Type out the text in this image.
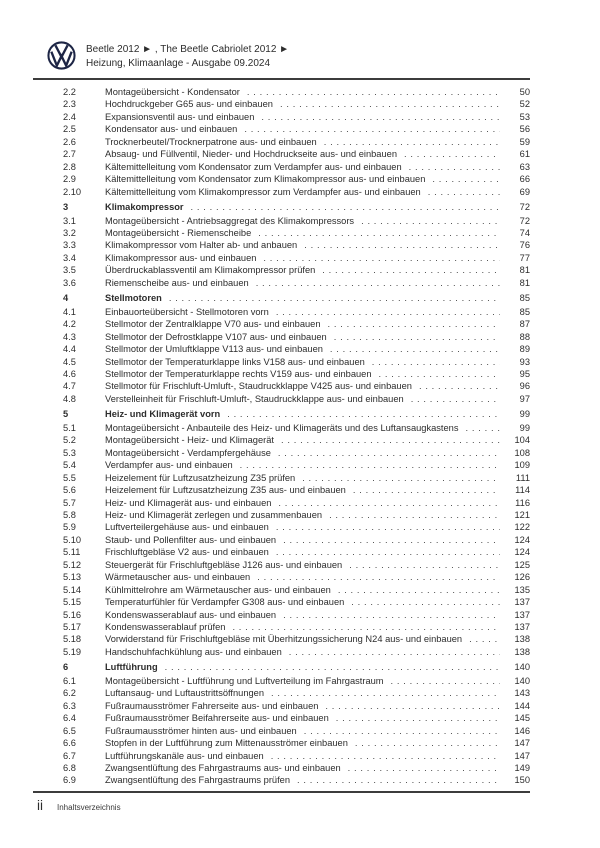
Beetle 2012 ► , The Beetle Cabriolet 2012 ►
Heizung, Klimaanlage - Ausgabe 09.2024
2.2	Montageübersicht - Kondensator . . .	50
2.3	Hochdruckgeber G65 aus- und einbauen . . .	52
2.4	Expansionsventil aus- und einbauen . . .	53
2.5	Kondensator aus- und einbauen . . .	56
2.6	Trocknerbeutel/Trocknerpatrone aus- und einbauen . . .	59
2.7	Absaug- und Füllventil, Nieder- und Hochdruckseite aus- und einbauen . . .	61
2.8	Kältemittelleitung vom Kondensator zum Verdampfer aus- und einbauen . . .	63
2.9	Kältemittelleitung vom Kondensator zum Klimakompressor aus- und einbauen . . .	66
2.10	Kältemittelleitung vom Klimakompressor zum Verdampfer aus- und einbauen . . .	69
3	Klimakompressor . . .	72
3.1	Montageübersicht - Antriebsaggregat des Klimakompressors . . .	72
3.2	Montageübersicht - Riemenscheibe . . .	74
3.3	Klimakompressor vom Halter ab- und anbauen . . .	76
3.4	Klimakompressor aus- und einbauen . . .	77
3.5	Überdruckablassventil am Klimakompressor prüfen . . .	81
3.6	Riemenscheibe aus- und einbauen . . .	81
4	Stellmotoren . . .	85
4.1	Einbauorteübersicht - Stellmotoren vorn . . .	85
4.2	Stellmotor der Zentralklappe V70 aus- und einbauen . . .	87
4.3	Stellmotor der Defrostklappe V107 aus- und einbauen . . .	88
4.4	Stellmotor der Umluftklappe V113 aus- und einbauen . . .	89
4.5	Stellmotor der Temperaturklappe links V158 aus- und einbauen . . .	93
4.6	Stellmotor der Temperaturklappe rechts V159 aus- und einbauen . . .	95
4.7	Stellmotor für Frischluft-Umluft-, Staudruckklappe V425 aus- und einbauen . . .	96
4.8	Verstelleinheit für Frischluft-Umluft-, Staudruckklappe aus- und einbauen . . .	97
5	Heiz- und Klimagerät vorn . . .	99
5.1	Montageübersicht - Anbauteile des Heiz- und Klimageräts und des Luftansaugkastens . . .	99
5.2	Montageübersicht - Heiz- und Klimagerät . . .	104
5.3	Montageübersicht - Verdampfergehäuse . . .	108
5.4	Verdampfer aus- und einbauen . . .	109
5.5	Heizelement für Luftzusatzheizung Z35 prüfen . . .	111
5.6	Heizelement für Luftzusatzheizung Z35 aus- und einbauen . . .	114
5.7	Heiz- und Klimagerät aus- und einbauen . . .	116
5.8	Heiz- und Klimagerät zerlegen und zusammenbauen . . .	121
5.9	Luftverteilergehäuse aus- und einbauen . . .	122
5.10	Staub- und Pollenfilter aus- und einbauen . . .	124
5.11	Frischluftgebläse V2 aus- und einbauen . . .	124
5.12	Steuergerät für Frischluftgebläse J126 aus- und einbauen . . .	125
5.13	Wärmetauscher aus- und einbauen . . .	126
5.14	Kühlmittelrohre am Wärmetauscher aus- und einbauen . . .	135
5.15	Temperaturfühler für Verdampfer G308 aus- und einbauen . . .	137
5.16	Kondenswasserablauf aus- und einbauen . . .	137
5.17	Kondenswasserablauf prüfen . . .	137
5.18	Vorwiderstand für Frischluftgebläse mit Überhitzungssicherung N24 aus- und einbauen . . .	138
5.19	Handschuhfachkühlung aus- und einbauen . . .	138
6	Luftführung . . .	140
6.1	Montageübersicht - Luftführung und Luftverteilung im Fahrgastraum . . .	140
6.2	Luftansaug- und Luftaustrittsöffnungen . . .	143
6.3	Fußraumausströmer Fahrerseite aus- und einbauen . . .	144
6.4	Fußraumausströmer Beifahrerseite aus- und einbauen . . .	145
6.5	Fußraumausströmer hinten aus- und einbauen . . .	146
6.6	Stopfen in der Luftführung zum Mittenausströmer einbauen . . .	147
6.7	Luftführungskanäle aus- und einbauen . . .	147
6.8	Zwangsentlüftung des Fahrgastraums aus- und einbauen . . .	149
6.9	Zwangsentlüftung des Fahrgastraums prüfen . . .	150
ii Inhaltsverzeichnis
